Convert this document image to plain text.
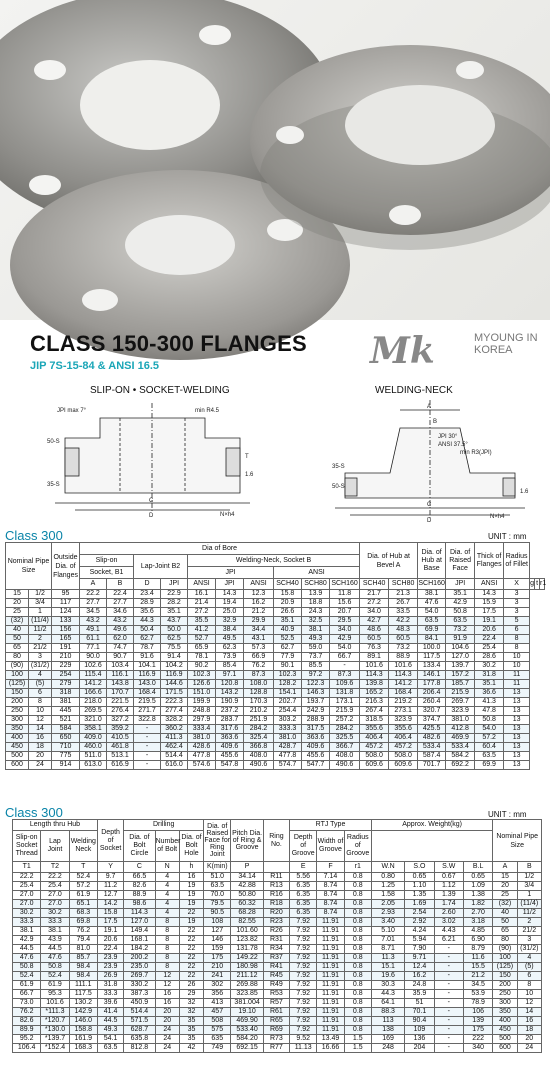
CLASS 150-300 FLANGES
JIP 7S-15-84 & ANSI 16.5	Mk	MYOUNG IN
KOREA
SLIP-ON • SOCKET-WELDING	WELDING-NECK
JPI max 7°	min R4.5
50-S
35-S
C
D	N×h4
T
1.6
A
B
JPI 30°
ANSI 37.5°
min R3(JPI)
35-S
50-S
C
D
N×h4
1.6
Class 300	UNIT : mm
Nominal Pipe Size		Outside Dia. of Flanges	Dia of Bore										Dia. of Hub at Bevel A		Dia. of Hub at Base	Dia. of Raised Face	Thick of Flanges	Radius of Fillet			
			Slip-on		Lap-Joint B2		Welding-Neck, Socket B														
			Socket, B1				JPI			ANSI											
			A	B	D	JPI	ANSI	JPI	ANSI	SCH40	SCH80	SCH160	SCH40	SCH80	SCH160	JPI	ANSI	X	g	t	r1
15	1/2	95	22.2	22.4	23.4	22.9	16.1	14.3	12.3	15.8	13.9	11.8	21.7	21.3	38.1	35.1	14.3	3			
20	3/4	117	27.7	27.7	28.9	28.2	21.4	19.4	16.2	20.9	18.8	15.6	27.2	26.7	47.6	42.9	15.9	3			
25	1	124	34.5	34.6	35.6	35.1	27.2	25.0	21.2	26.6	24.3	20.7	34.0	33.5	54.0	50.8	17.5	3			
(32)	(11/4)	133	43.2	43.2	44.3	43.7	35.5	32.9	29.9	35.1	32.5	29.5	42.7	42.2	63.5	63.5	19.1	5			
40	11/2	156	49.1	49.6	50.4	50.0	41.2	38.4	34.4	40.9	38.1	34.0	48.6	48.3	69.9	73.2	20.6	6			
50	2	165	61.1	62.0	62.7	62.5	52.7	49.5	43.1	52.5	49.3	42.9	60.5	60.5	84.1	91.9	22.4	8			
65	21/2	191	77.1	74.7	78.7	75.5	65.9	62.3	57.3	62.7	59.0	54.0	76.3	73.2	100.0	104.6	25.4	8			
80	3	210	90.0	90.7	91.6	91.4	78.1	73.9	66.9	77.9	73.7	66.7	89.1	88.9	117.5	127.0	28.6	10			
(90)	(31/2)	229	102.6	103.4	104.1	104.2	90.2	85.4	76.2	90.1	85.5	-	101.6	101.6	133.4	139.7	30.2	10			
100	4	254	115.4	116.1	116.9	116.9	102.3	97.1	87.3	102.3	97.2	87.3	114.3	114.3	146.1	157.2	31.8	11			
(125)	(5)	279	141.2	143.8	143.0	144.6	126.6	120.8	108.0	128.2	122.3	109.6	139.8	141.2	177.8	185.7	35.1	11			
150	6	318	166.6	170.7	168.4	171.5	151.0	143.2	128.8	154.1	146.3	131.8	165.2	168.4	206.4	215.9	36.6	13			
200	8	381	218.0	221.5	219.5	222.3	199.9	190.9	170.3	202.7	193.7	173.1	216.3	219.2	260.4	269.7	41.3	13			
250	10	445	269.5	276.4	271.7	277.4	248.8	237.2	210.2	254.4	242.9	215.9	267.4	273.1	320.7	323.9	47.8	13			
300	12	521	321.0	327.2	322.8	328.2	297.9	283.7	251.9	303.2	288.9	257.2	318.5	323.9	374.7	381.0	50.8	13			
350	14	584	358.1	359.2	-	360.2	333.4	317.6	284.2	333.3	317.5	284.2	355.6	355.6	425.5	412.8	54.0	13			
400	16	650	409.0	410.5	-	411.3	381.0	363.6	325.4	381.0	363.6	325.5	406.4	406.4	482.6	469.9	57.2	13			
450	18	710	460.0	461.8	-	462.4	428.6	409.6	366.8	428.7	409.6	366.7	457.2	457.2	533.4	533.4	60.4	13			
500	20	775	511.0	513.1	-	514.4	477.8	455.6	408.0	477.8	455.6	408.0	508.0	508.0	587.4	584.2	63.5	13			
600	24	914	613.0	616.9	-	616.0	574.6	547.8	490.6	574.7	547.7	490.6	609.6	609.6	701.7	692.2	69.9	13			
Class 300	UNIT : mm
Length thru Hub			Depth of Socket	Drilling			Dia. of Raised Face for Ring Joint	Pitch Dia. of Ring & Groove	Ring No.	RTJ Type			Approx. Weight(kg)				Nominal Pipe Size	
Slip-on Socket Thread	Lap Joint	Welding Neck		Dia. of Bolt Circle	Number of Bolt	Dia. of Bolt Hole				Depth of Groove	Width of Groove	Radius of Groove						
T1	T2	T	Y	C	N	h	K(min)	P		E	F	r1	W.N	S.O	S.W	B.L	A	B
22.2	22.2	52.4	9.7	66.5	4	16	51.0	34.14	R11	5.56	7.14	0.8	0.80	0.65	0.67	0.65	15	1/2
25.4	25.4	57.2	11.2	82.6	4	19	63.5	42.88	R13	6.35	8.74	0.8	1.25	1.10	1.12	1.09	20	3/4
27.0	27.0	61.9	12.7	88.9	4	19	70.0	50.80	R16	6.35	8.74	0.8	1.58	1.35	1.39	1.38	25	1
27.0	27.0	65.1	14.2	98.6	4	19	79.5	60.32	R18	6.35	8.74	0.8	2.05	1.69	1.74	1.82	(32)	(11/4)
30.2	30.2	68.3	15.8	114.3	4	22	90.5	68.28	R20	6.35	8.74	0.8	2.93	2.54	2.60	2.70	40	11/2
33.3	33.3	69.8	17.5	127.0	8	19	108	82.55	R23	7.92	11.91	0.8	3.40	2.92	3.02	3.18	50	2
38.1	38.1	76.2	19.1	149.4	8	22	127	101.60	R26	7.92	11.91	0.8	5.10	4.24	4.43	4.85	65	21/2
42.9	43.9	79.4	20.6	168.1	8	22	146	123.82	R31	7.92	11.91	0.8	7.01	5.94	6.21	6.90	80	3
44.5	44.5	81.0	22.4	184.2	8	22	159	131.78	R34	7.92	11.91	0.8	8.71	7.90	-	8.79	(90)	(31/2)
47.6	47.6	85.7	23.9	200.2	8	22	175	149.22	R37	7.92	11.91	0.8	11.3	9.71	-	11.6	100	4
50.8	50.8	98.4	23.9	235.0	8	22	210	180.98	R41	7.92	11.91	0.8	15.1	12.4	-	15.5	(125)	(5)
52.4	52.4	98.4	26.9	269.7	12	22	241	211.12	R45	7.92	11.91	0.8	19.6	16.2	-	21.2	150	6
61.9	61.9	111.1	31.8	330.2	12	26	302	269.88	R49	7.92	11.91	0.8	30.3	24.8	-	34.5	200	8
66.7	95.3	117.5	33.3	387.3	16	29	356	323.85	R53	7.92	11.91	0.8	44.3	35.9	-	53.9	250	10
73.0	101.6	130.2	39.6	450.9	16	32	413	381.004	R57	7.92	11.91	0.8	64.1	51	-	78.9	300	12
76.2	*111.3	142.9	41.4	514.4	20	32	457	19.10	R61	7.92	11.91	0.8	88.3	70.1	-	106	350	14
82.6	*120.7	146.0	44.5	571.5	20	35	508	469.90	R65	7.92	11.91	0.8	113	90.4	-	139	400	16
89.9	*130.0	158.8	49.3	628.7	24	35	575	533.40	R69	7.92	11.91	0.8	138	109	-	175	450	18
95.2	*139.7	161.9	54.1	635.8	24	35	635	584.20	R73	9.52	13.49	1.5	169	136	-	222	500	20
106.4	*152.4	168.3	63.5	812.8	24	42	749	692.15	R77	11.13	16.66	1.5	248	204	-	340	600	24
